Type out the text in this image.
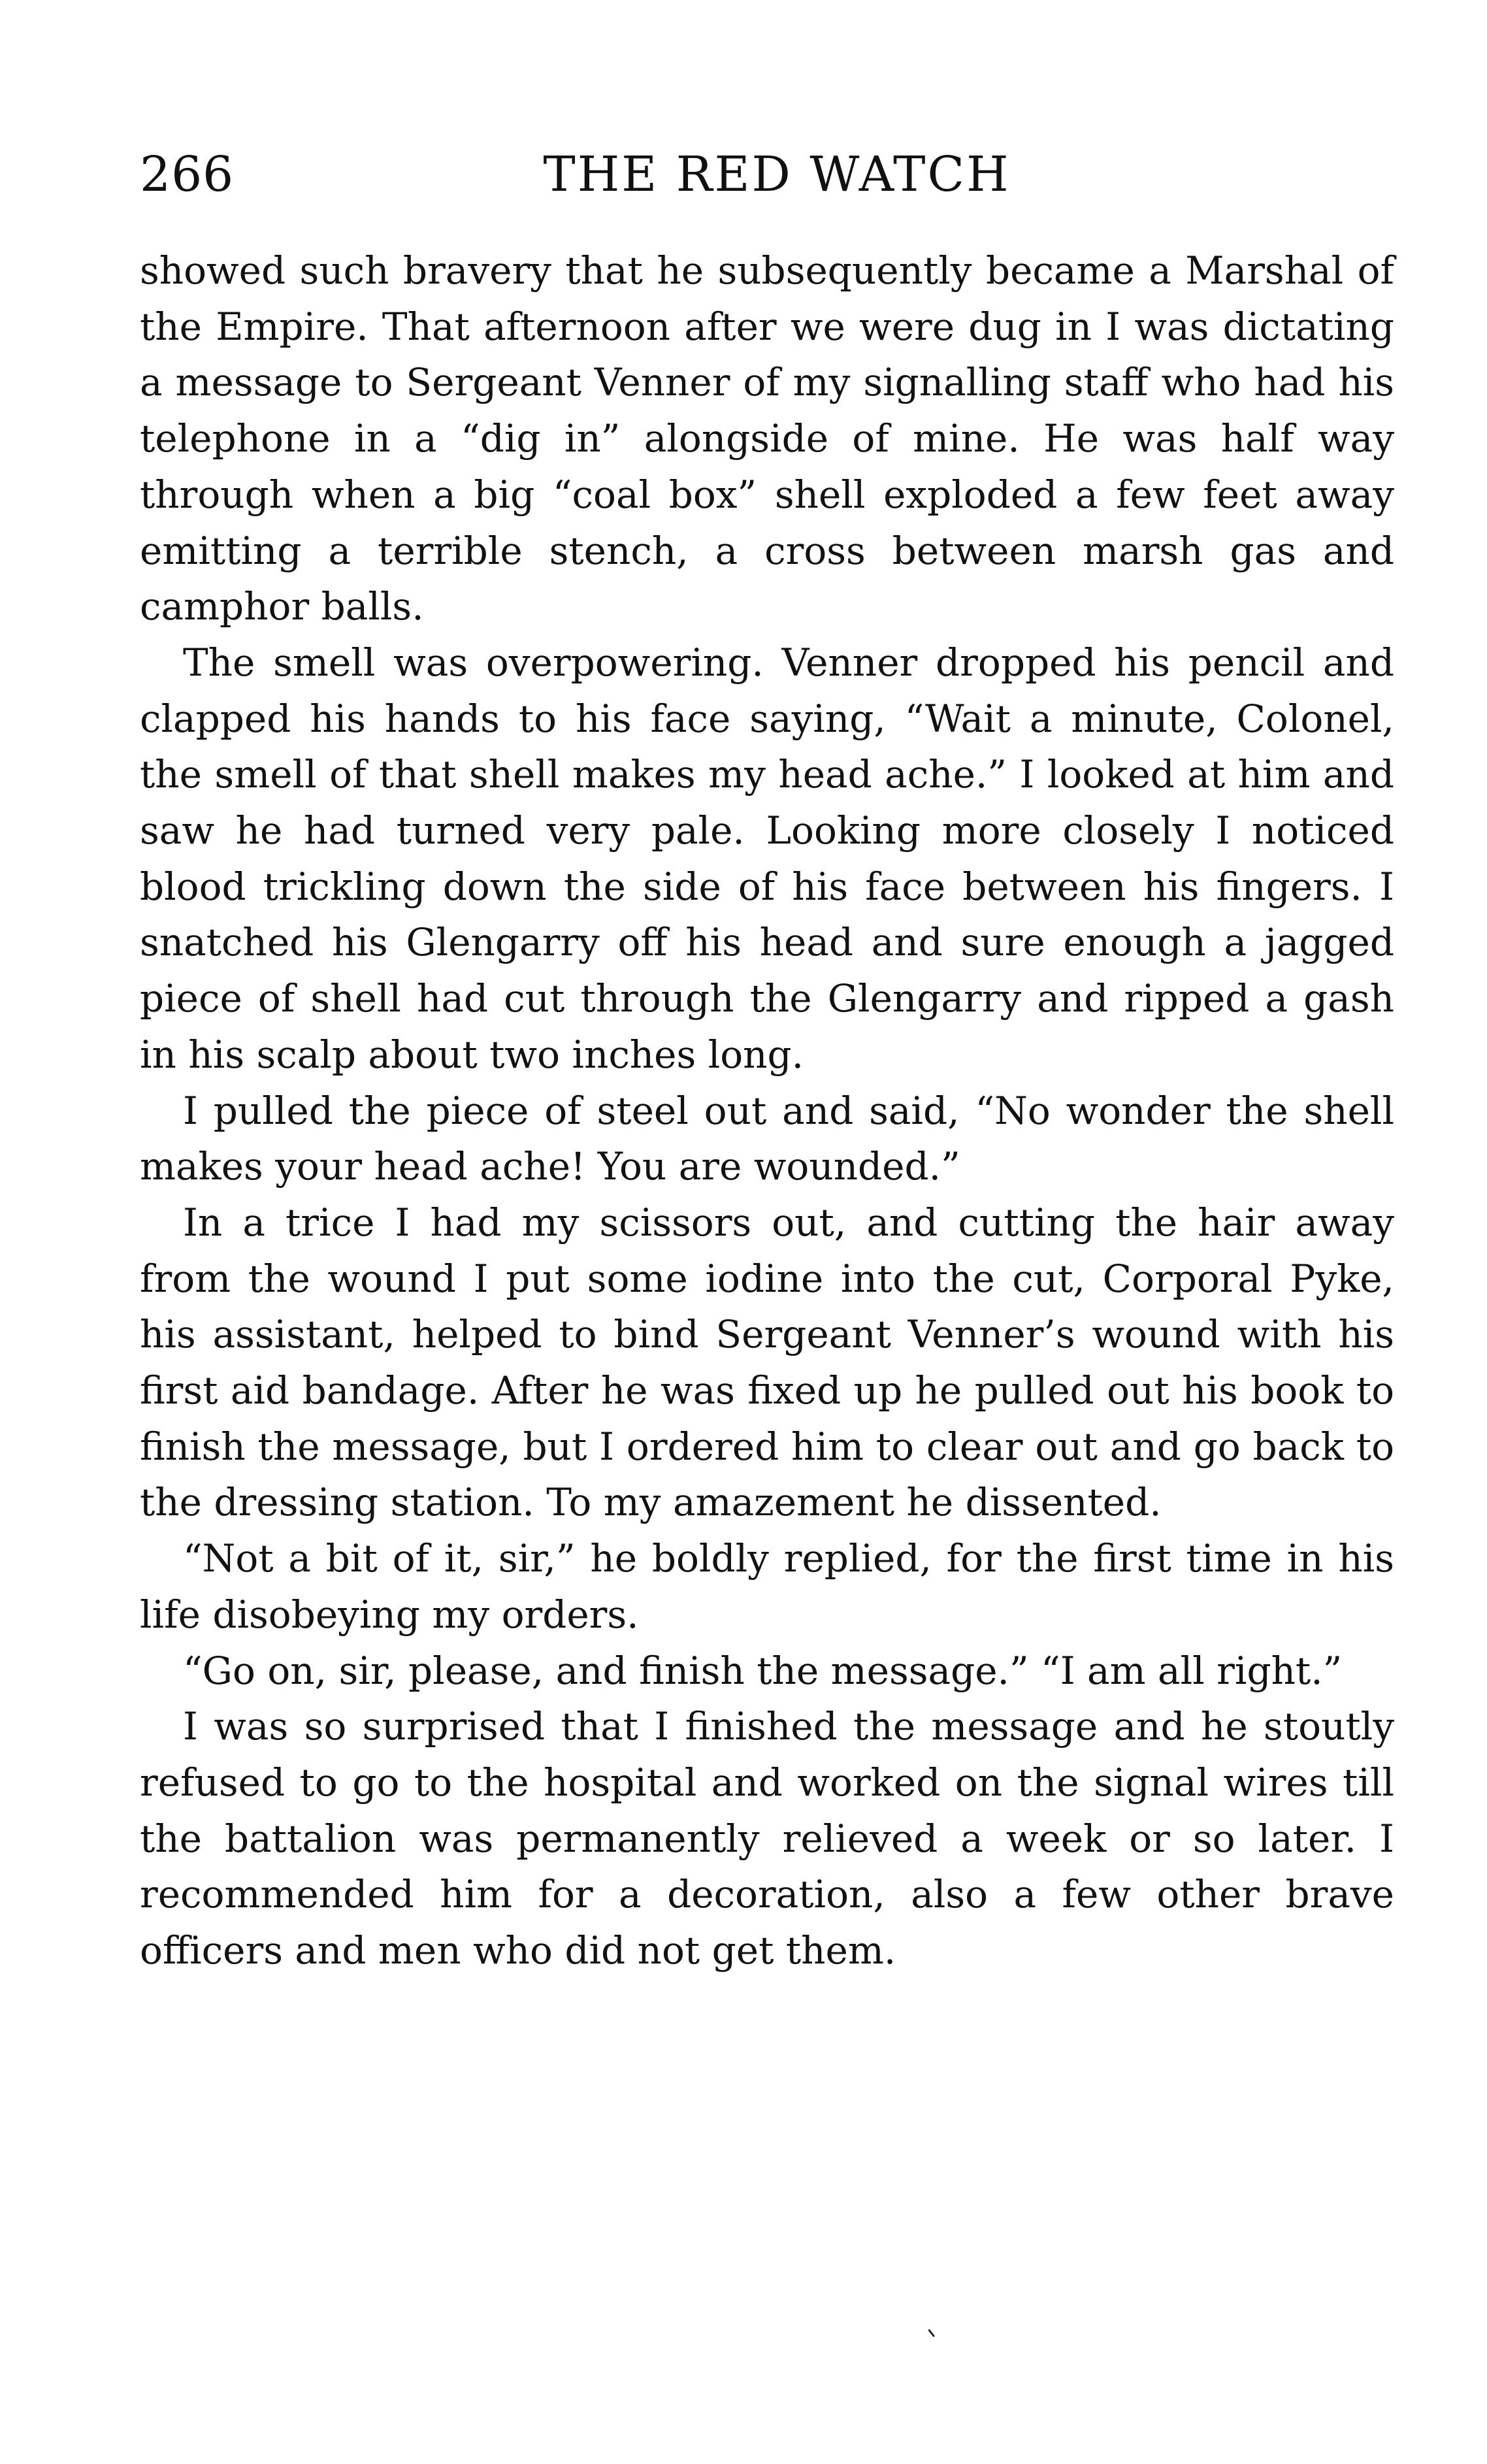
266	THE RED WATCH

showed such bravery that he subsequently became a Marshal of the Empire. That afternoon after we were dug in I was dictating a message to Sergeant Venner of my signalling staff who had his telephone in a “dig in” alongside of mine. He was half way through when a big “coal box” shell exploded a few feet away emitting a terrible stench, a cross between marsh gas and camphor balls.

The smell was overpowering. Venner dropped his pencil and clapped his hands to his face saying, “Wait a minute, Colonel, the smell of that shell makes my head ache.” I looked at him and saw he had turned very pale. Looking more closely I noticed blood trickling down the side of his face between his fingers. I snatched his Glengarry off his head and sure enough a jagged piece of shell had cut through the Glengarry and ripped a gash in his scalp about two inches long.

I pulled the piece of steel out and said, “No wonder the shell makes your head ache! You are wounded.”

In a trice I had my scissors out, and cutting the hair away from the wound I put some iodine into the cut, Corporal Pyke, his assistant, helped to bind Sergeant Venner’s wound with his first aid bandage. After he was fixed up he pulled out his book to finish the message, but I ordered him to clear out and go back to the dressing station. To my amazement he dissented.

“Not a bit of it, sir,” he boldly replied, for the first time in his life disobeying my orders.

“Go on, sir, please, and finish the message.” “I am all right.”

I was so surprised that I finished the message and he stoutly refused to go to the hospital and worked on the signal wires till the battalion was permanently relieved a week or so later. I recommended him for a decoration, also a few other brave officers and men who did not get them.
